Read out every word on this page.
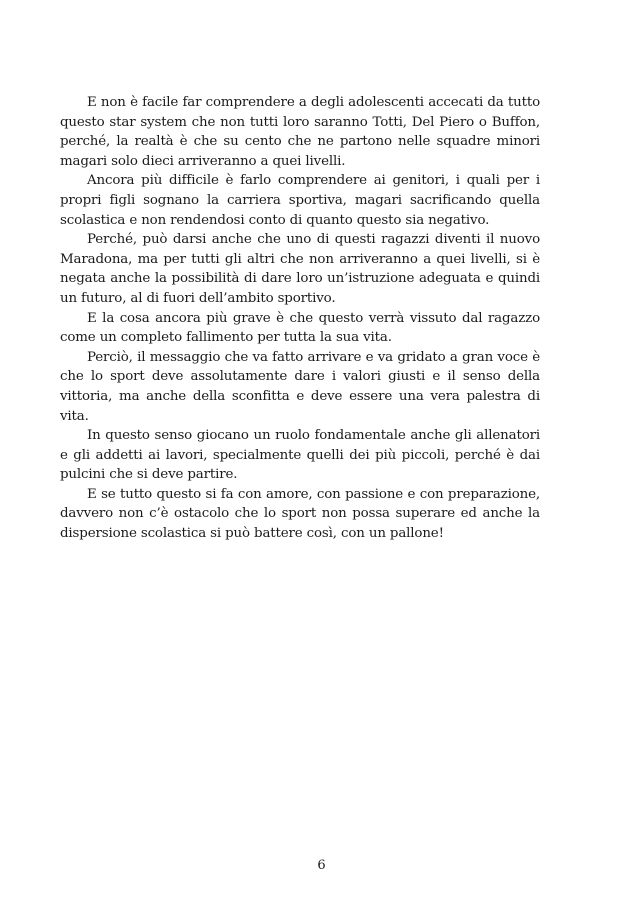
E non è facile far comprendere a degli adolescenti accecati da tutto questo star system che non tutti loro saranno Totti, Del Piero o Buffon, perché, la realtà è che su cento che ne partono nelle squadre minori magari solo dieci arriveranno a quei livelli.

Ancora più difficile è farlo comprendere ai genitori, i quali per i propri figli sognano la carriera sportiva, magari sacrificando quella scolastica e non rendendosi conto di quanto questo sia negativo.

Perché, può darsi anche che uno di questi ragazzi diventi il nuovo Maradona, ma per tutti gli altri che non arriveranno a quei livelli, si è negata anche la possibilità di dare loro un’istruzione adeguata e quindi un futuro, al di fuori dell’ambito sportivo.

E la cosa ancora più grave è che questo verrà vissuto dal ragazzo come un completo fallimento per tutta la sua vita.

Perciò, il messaggio che va fatto arrivare e va gridato a gran voce è che lo sport deve assolutamente dare i valori giusti e il senso della vittoria, ma anche della sconfitta e deve essere una vera palestra di vita.

In questo senso giocano un ruolo fondamentale anche gli allenatori e gli addetti ai lavori, specialmente quelli dei più piccoli, perché è dai pulcini che si deve partire.

E se tutto questo si fa con amore, con passione e con preparazione, davvero non c’è ostacolo che lo sport non possa superare ed anche la dispersione scolastica si può battere così, con un pallone!

6
